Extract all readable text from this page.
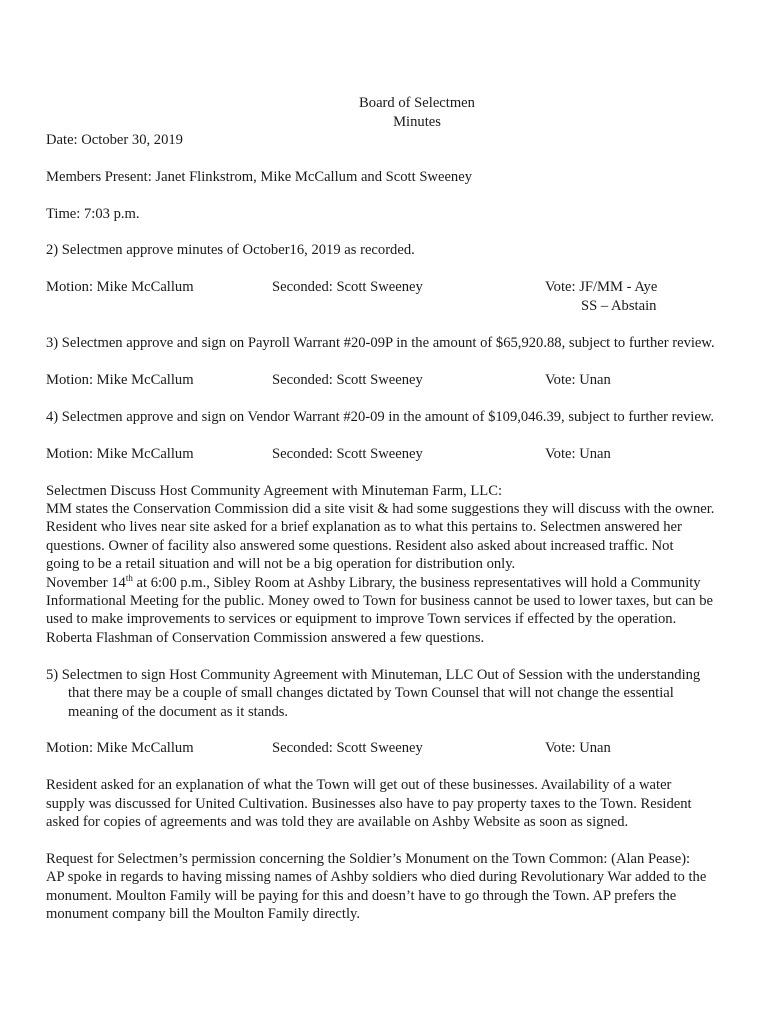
Board of Selectmen
Minutes
Date: October 30, 2019
Members Present: Janet Flinkstrom, Mike McCallum and Scott Sweeney
Time: 7:03 p.m.
2) Selectmen approve minutes of October16, 2019 as recorded.
Motion: Mike McCallum	Seconded: Scott Sweeney	Vote: JF/MM - Aye
SS – Abstain
3) Selectmen approve and sign on Payroll Warrant #20-09P in the amount of $65,920.88, subject to further review.
Motion: Mike McCallum	Seconded: Scott Sweeney	Vote: Unan
4) Selectmen approve and sign on Vendor Warrant #20-09 in the amount of $109,046.39, subject to further review.
Motion: Mike McCallum	Seconded: Scott Sweeney	Vote: Unan
Selectmen Discuss Host Community Agreement with Minuteman Farm, LLC:
MM states the Conservation Commission did a site visit & had some suggestions they will discuss with the owner.
Resident who lives near site asked for a brief explanation as to what this pertains to. Selectmen answered her
questions. Owner of facility also answered some questions. Resident also asked about increased traffic. Not
going to be a retail situation and will not be a big operation for distribution only.
November 14th at 6:00 p.m., Sibley Room at Ashby Library, the business representatives will hold a Community
Informational Meeting for the public. Money owed to Town for business cannot be used to lower taxes, but can be
used to make improvements to services or equipment to improve Town services if effected by the operation.
Roberta Flashman of Conservation Commission answered a few questions.
5) Selectmen to sign Host Community Agreement with Minuteman, LLC Out of Session with the understanding
that there may be a couple of small changes dictated by Town Counsel that will not change the essential
meaning of the document as it stands.
Motion: Mike McCallum	Seconded: Scott Sweeney	Vote: Unan
Resident asked for an explanation of what the Town will get out of these businesses. Availability of a water
supply was discussed for United Cultivation. Businesses also have to pay property taxes to the Town. Resident
asked for copies of agreements and was told they are available on Ashby Website as soon as signed.
Request for Selectmen’s permission concerning the Soldier’s Monument on the Town Common: (Alan Pease):
AP spoke in regards to having missing names of Ashby soldiers who died during Revolutionary War added to the
monument. Moulton Family will be paying for this and doesn’t have to go through the Town. AP prefers the
monument company bill the Moulton Family directly.
